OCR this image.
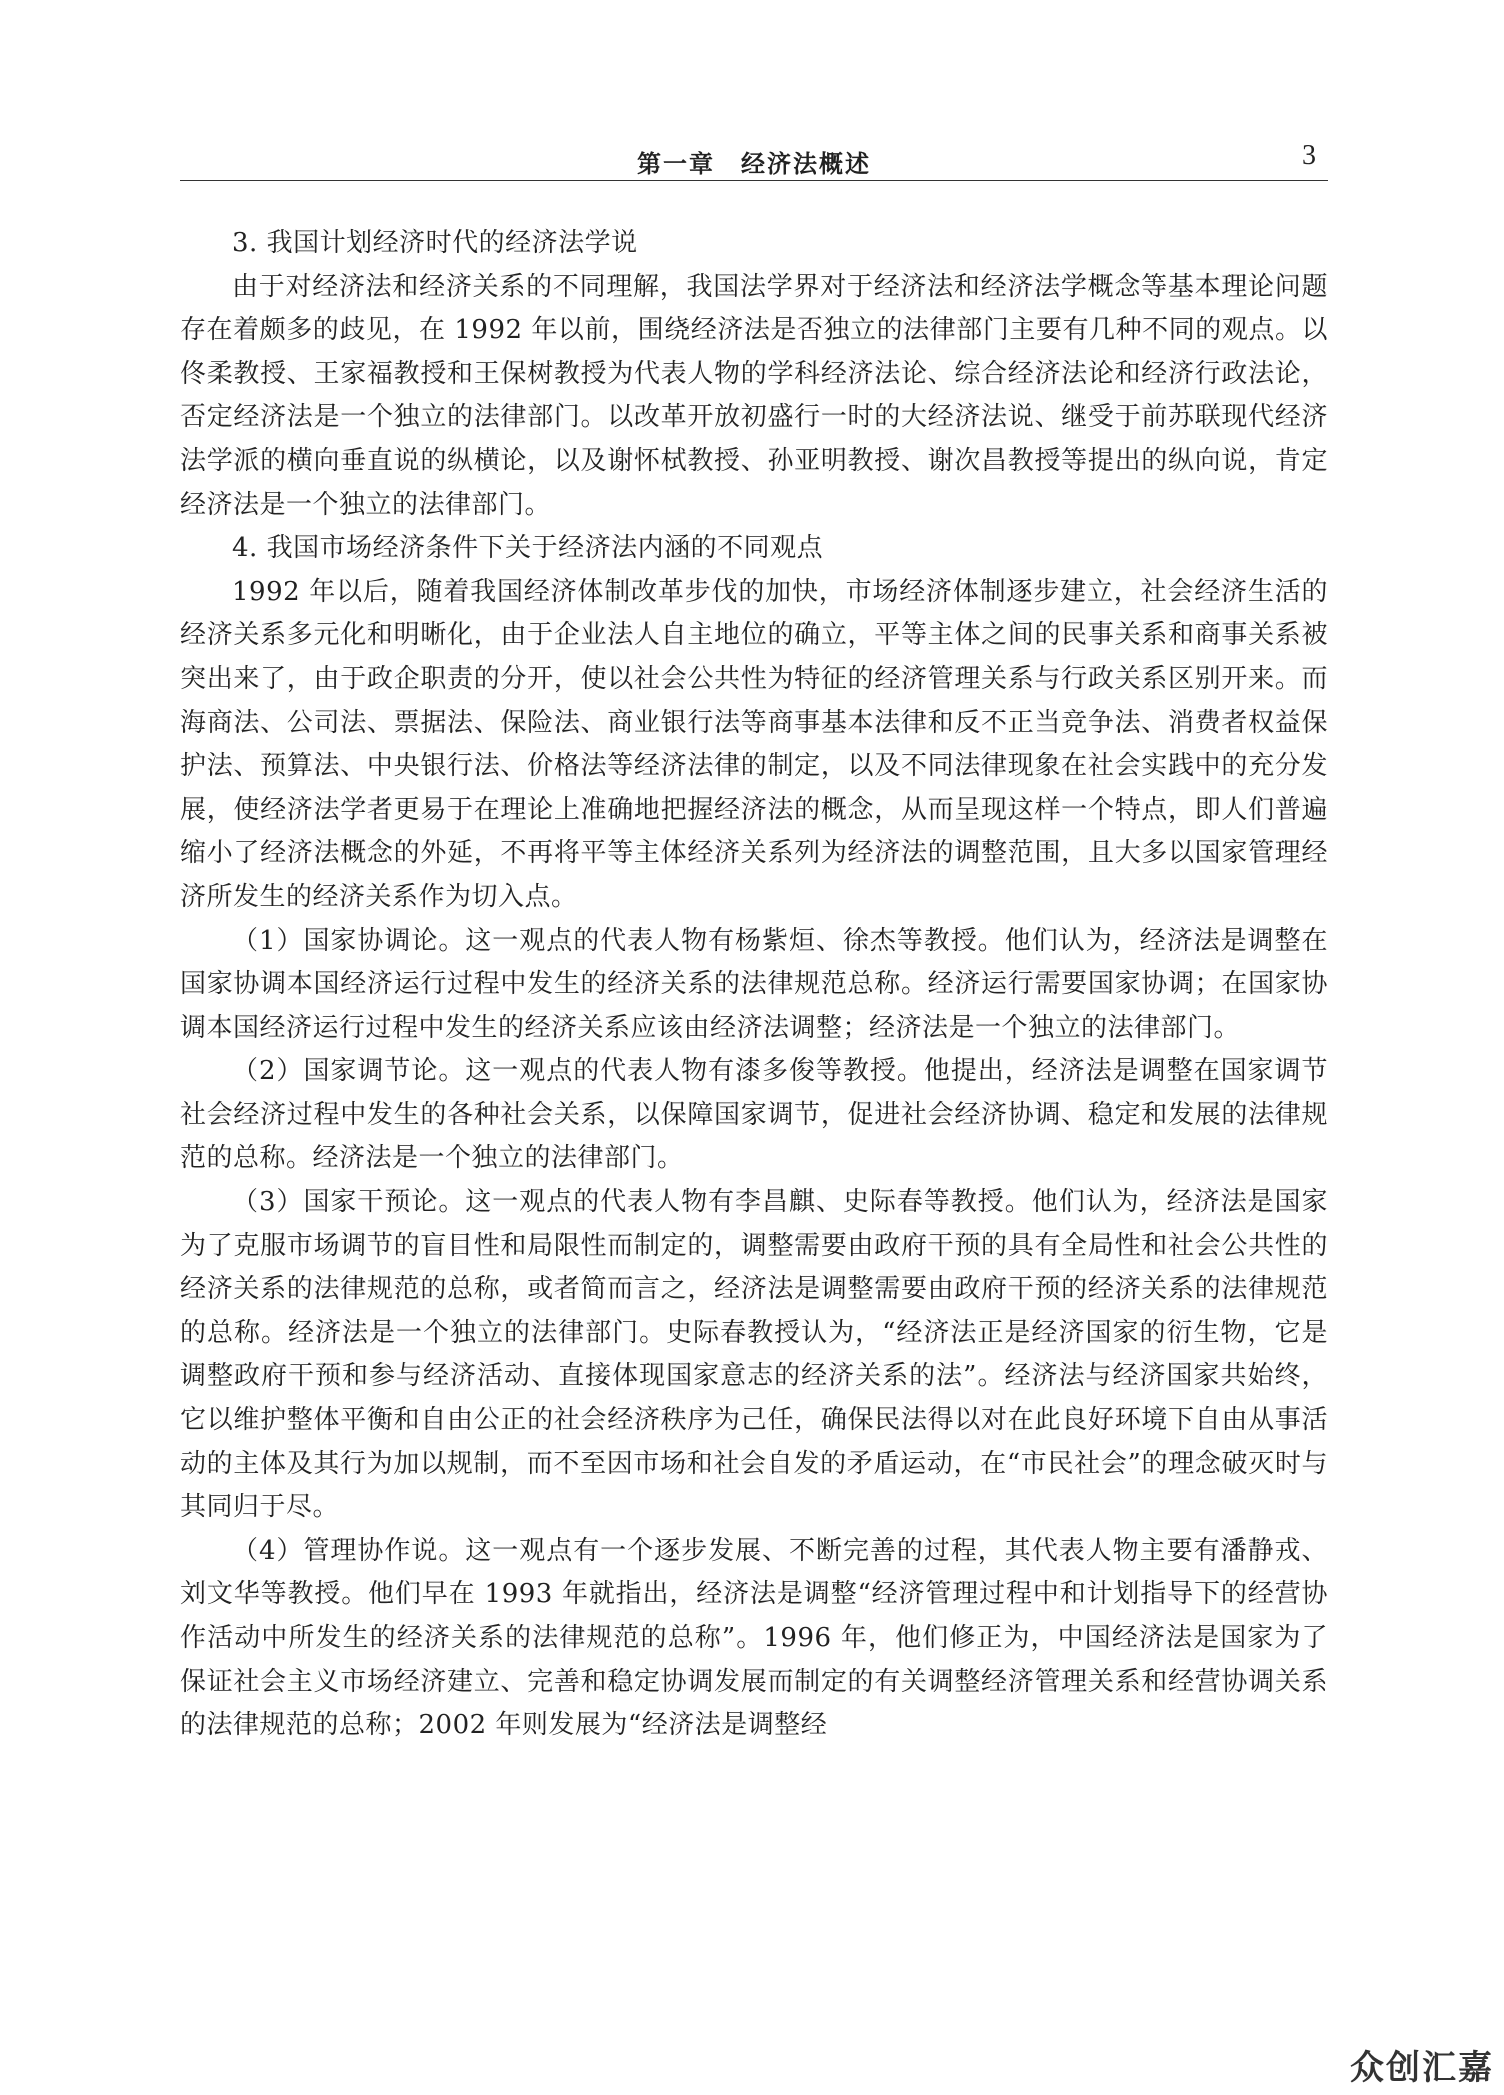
第一章　经济法概述	3

3. 我国计划经济时代的经济法学说

由于对经济法和经济关系的不同理解，我国法学界对于经济法和经济法学概念等基本理论问题存在着颇多的歧见，在 1992 年以前，围绕经济法是否独立的法律部门主要有几种不同的观点。以佟柔教授、王家福教授和王保树教授为代表人物的学科经济法论、综合经济法论和经济行政法论，否定经济法是一个独立的法律部门。以改革开放初盛行一时的大经济法说、继受于前苏联现代经济法学派的横向垂直说的纵横论，以及谢怀栻教授、孙亚明教授、谢次昌教授等提出的纵向说，肯定经济法是一个独立的法律部门。

4. 我国市场经济条件下关于经济法内涵的不同观点

1992 年以后，随着我国经济体制改革步伐的加快，市场经济体制逐步建立，社会经济生活的经济关系多元化和明晰化，由于企业法人自主地位的确立，平等主体之间的民事关系和商事关系被突出来了，由于政企职责的分开，使以社会公共性为特征的经济管理关系与行政关系区别开来。而海商法、公司法、票据法、保险法、商业银行法等商事基本法律和反不正当竞争法、消费者权益保护法、预算法、中央银行法、价格法等经济法律的制定，以及不同法律现象在社会实践中的充分发展，使经济法学者更易于在理论上准确地把握经济法的概念，从而呈现这样一个特点，即人们普遍缩小了经济法概念的外延，不再将平等主体经济关系列为经济法的调整范围，且大多以国家管理经济所发生的经济关系作为切入点。

（1）国家协调论。这一观点的代表人物有杨紫烜、徐杰等教授。他们认为，经济法是调整在国家协调本国经济运行过程中发生的经济关系的法律规范总称。经济运行需要国家协调；在国家协调本国经济运行过程中发生的经济关系应该由经济法调整；经济法是一个独立的法律部门。

（2）国家调节论。这一观点的代表人物有漆多俊等教授。他提出，经济法是调整在国家调节社会经济过程中发生的各种社会关系，以保障国家调节，促进社会经济协调、稳定和发展的法律规范的总称。经济法是一个独立的法律部门。

（3）国家干预论。这一观点的代表人物有李昌麒、史际春等教授。他们认为，经济法是国家为了克服市场调节的盲目性和局限性而制定的，调整需要由政府干预的具有全局性和社会公共性的经济关系的法律规范的总称，或者简而言之，经济法是调整需要由政府干预的经济关系的法律规范的总称。经济法是一个独立的法律部门。史际春教授认为，“经济法正是经济国家的衍生物，它是调整政府干预和参与经济活动、直接体现国家意志的经济关系的法”。经济法与经济国家共始终，它以维护整体平衡和自由公正的社会经济秩序为己任，确保民法得以对在此良好环境下自由从事活动的主体及其行为加以规制，而不至因市场和社会自发的矛盾运动，在“市民社会”的理念破灭时与其同归于尽。

（4）管理协作说。这一观点有一个逐步发展、不断完善的过程，其代表人物主要有潘静戎、刘文华等教授。他们早在 1993 年就指出，经济法是调整“经济管理过程中和计划指导下的经营协作活动中所发生的经济关系的法律规范的总称”。1996 年，他们修正为，中国经济法是国家为了保证社会主义市场经济建立、完善和稳定协调发展而制定的有关调整经济管理关系和经营协调关系的法律规范的总称；2002 年则发展为“经济法是调整经

众创汇嘉
